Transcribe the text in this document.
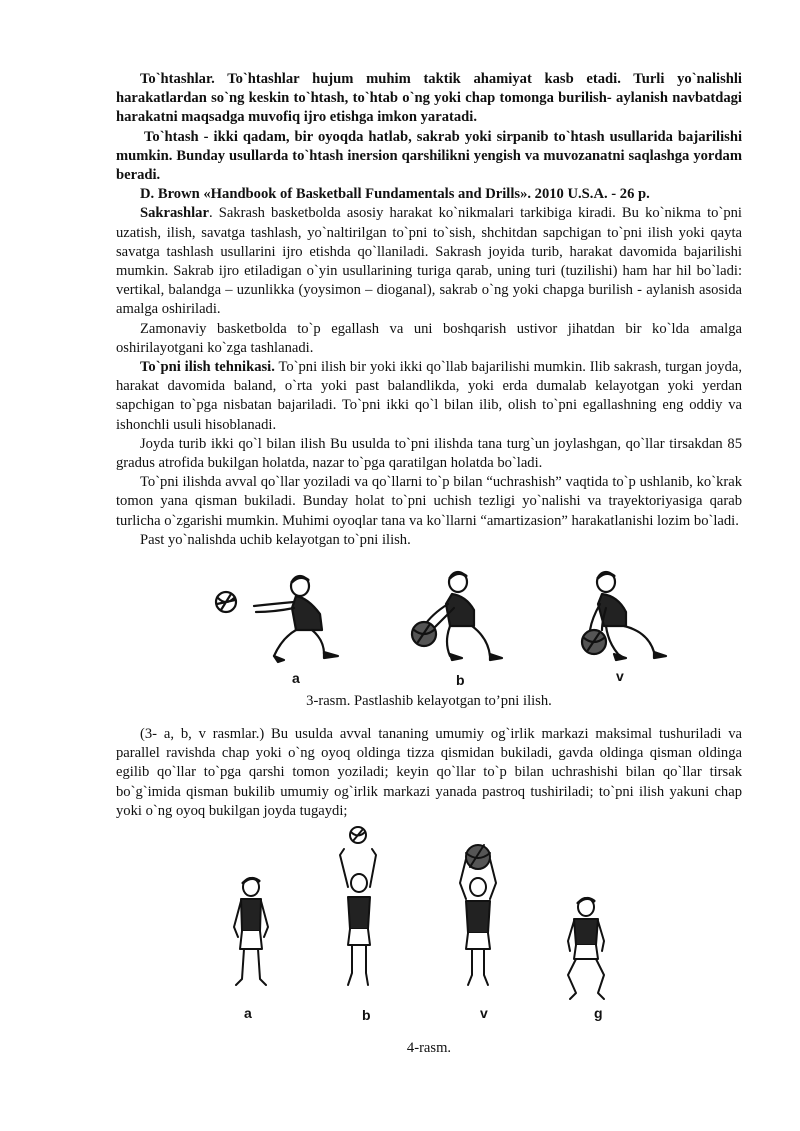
To`htashlar. To`htashlar hujum muhim taktik ahamiyat kasb etadi. Turli yo`nalishli harakatlardan so`ng keskin to`htash, to`htab o`ng yoki chap tomonga burilish- aylanish navbatdagi harakatni maqsadga muvofiq ijro etishga imkon yaratadi.

To`htash - ikki qadam, bir oyoqda hatlab, sakrab yoki sirpanib to`htash usullarida bajarilishi mumkin. Bunday usullarda to`htash inersion qarshilikni yengish va muvozanatni saqlashga yordam beradi.

D. Brown «Handbook of Basketball Fundamentals and Drills». 2010 U.S.A. - 26 p.

Sakrashlar. Sakrash basketbolda asosiy harakat ko`nikmalari tarkibiga kiradi. Bu ko`nikma to`pni uzatish, ilish, savatga tashlash, yo`naltirilgan to`pni to`sish, shchitdan sapchigan to`pni ilish yoki qayta savatga tashlash usullarini ijro etishda qo`llaniladi. Sakrash joyida turib, harakat davomida bajarilishi mumkin. Sakrab ijro etiladigan o`yin usullarining turiga qarab, uning turi (tuzilishi) ham har hil bo`ladi: vertikal, balandga – uzunlikka (yoysimon – dioganal), sakrab o`ng yoki chapga burilish - aylanish asosida amalga oshiriladi.

Zamonaviy basketbolda to`p egallash va uni boshqarish ustivor jihatdan bir ko`lda amalga oshirilayotgani ko`zga tashlanadi.

To`pni ilish tehnikasi. To`pni ilish bir yoki ikki qo`llab bajarilishi mumkin. Ilib sakrash, turgan joyda, harakat davomida baland, o`rta yoki past balandlikda, yoki erda dumalab kelayotgan yoki yerdan sapchigan to`pga nisbatan bajariladi. To`pni ikki qo`l bilan ilib, olish to`pni egallashning eng oddiy va ishonchli usuli hisoblanadi.

Joyda turib ikki qo`l bilan ilish Bu usulda to`pni ilishda tana turg`un joylashgan, qo`llar tirsakdan 85 gradus atrofida bukilgan holatda, nazar to`pga qaratilgan holatda bo`ladi.

To`pni ilishda avval qo`llar yoziladi va qo`llarni to`p bilan “uchrashish” vaqtida to`p ushlanib, ko`krak tomon yana qisman bukiladi. Bunday holat to`pni uchish tezligi yo`nalishi va trayektoriyasiga qarab turlicha o`zgarishi mumkin. Muhimi oyoqlar tana va ko`llarni “amartizasion” harakatlanishi lozim bo`ladi.

Past yo`nalishda uchib kelayotgan to`pni ilish.

a	b	v
3-rasm. Pastlashib kelayotgan to’pni ilish.

(3- a, b, v rasmlar.) Bu usulda avval tananing umumiy og`irlik markazi maksimal tushuriladi va parallel ravishda chap yoki o`ng oyoq oldinga tizza qismidan bukiladi, gavda oldinga qisman oldinga egilib qo`llar to`pga qarshi tomon yoziladi; keyin qo`llar to`p bilan uchrashishi bilan qo`llar tirsak bo`g`imida qisman bukilib umumiy og`irlik markazi yanada pastroq tushiriladi; to`pni ilish yakuni chap yoki o`ng oyoq bukilgan joyda tugaydi;

a	b	v	g
4-rasm.
